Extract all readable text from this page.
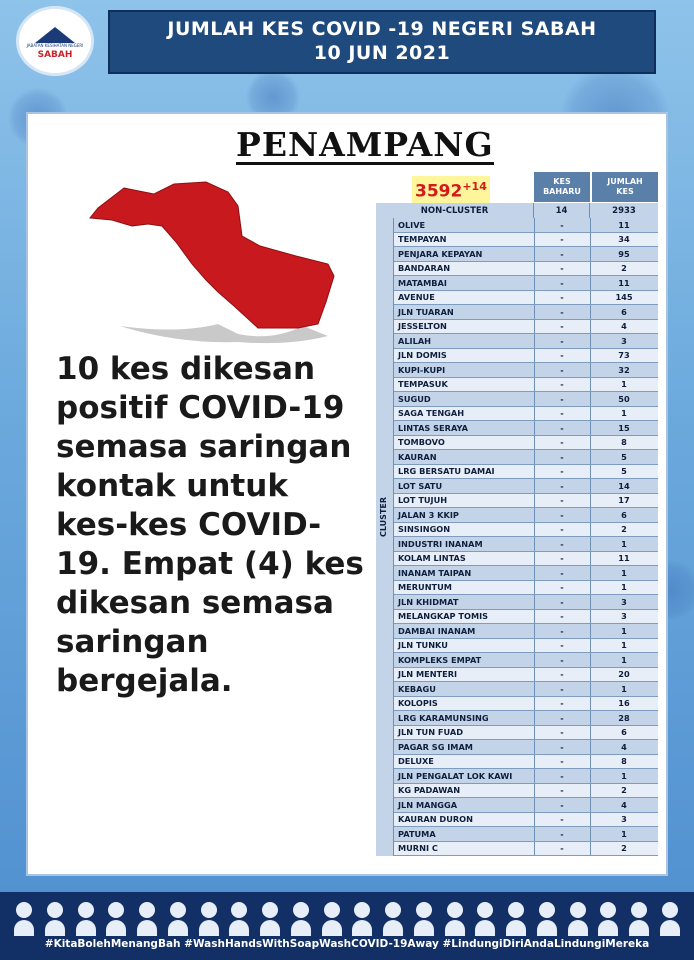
JABATAN KESIHATAN NEGERI
SABAH
JUMLAH KES COVID -19 NEGERI SABAH
10 JUN 2021
PENAMPANG
$3592^{+14}$	KES BAHARU
JUMLAH KES
NON-CLUSTER	14	2933
CLUSTER
OLIVE	-	11
TEMPAYAN	-	34
PENJARA KEPAYAN	-	95
BANDARAN	-	2
MATAMBAI	-	11
AVENUE	-	145
JLN TUARAN	-	6
JESSELTON	-	4
ALILAH	-	3
JLN DOMIS	-	73
KUPI-KUPI	-	32
TEMPASUK	-	1
SUGUD	-	50
SAGA TENGAH	-	1
LINTAS SERAYA	-	15
TOMBOVO	-	8
KAURAN	-	5
LRG BERSATU DAMAI	-	5
LOT SATU	-	14
LOT TUJUH	-	17
JALAN 3 KKIP	-	6
SINSINGON	-	2
INDUSTRI INANAM	-	1
KOLAM LINTAS	-	11
INANAM TAIPAN	-	1
MERUNTUM	-	1
JLN KHIDMAT	-	3
MELANGKAP TOMIS	-	3
DAMBAI INANAM	-	1
JLN TUNKU	-	1
KOMPLEKS EMPAT	-	1
JLN MENTERI	-	20
KEBAGU	-	1
KOLOPIS	-	16
LRG KARAMUNSING	-	28
JLN TUN FUAD	-	6
PAGAR SG IMAM	-	4
DELUXE	-	8
JLN PENGALAT LOK KAWI	-	1
KG PADAWAN	-	2
JLN MANGGA	-	4
KAURAN DURON	-	3
PATUMA	-	1
MURNI C	-	2

10 kes dikesan positif COVID-19 semasa saringan kontak untuk kes-kes COVID-19. Empat (4) kes dikesan semasa saringan bergejala.

#KitaBolehMenangBah #WashHandsWithSoapWashCOVID-19Away #LindungiDiriAndaLindungiMereka
